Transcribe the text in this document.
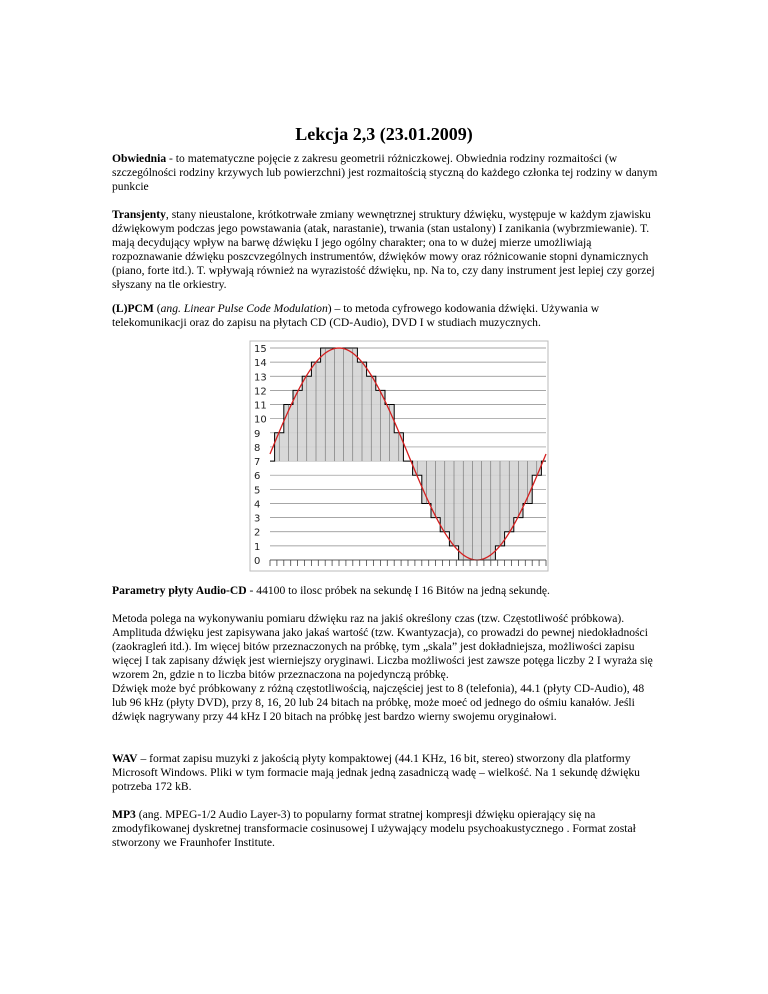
Lekcja 2,3 (23.01.2009)

Obwiednia - to matematyczne pojęcie z zakresu geometrii różniczkowej. Obwiednia rodziny rozmaitości (w szczególności rodziny krzywych lub powierzchni) jest rozmaitością styczną do każdego członka tej rodziny w danym punkcie

Transjenty, stany nieustalone, krótkotrwałe zmiany wewnętrznej struktury dźwięku, występuje w każdym zjawisku dźwiękowym podczas jego powstawania (atak, narastanie), trwania (stan ustalony) I zanikania (wybrzmiewanie). T. mają decydujący wpływ na barwę dźwięku I jego ogólny charakter; ona to w dużej mierze umożliwiają rozpoznawanie dźwięku poszcvzególnych instrumentów, dźwięków mowy oraz różnicowanie stopni dynamicznych (piano, forte itd.). T. wpływają również na wyrazistość dźwięku, np. Na to, czy dany instrument jest lepiej czy gorzej słyszany na tle orkiestry.

(L)PCM (ang. Linear Pulse Code Modulation) – to metoda cyfrowego kodowania dźwięki. Używania w telekomunikacji oraz do zapisu na płytach CD (CD-Audio), DVD I w studiach muzycznych.

0
1
2
3
4
5
6
7
8
9
10
11
12
13
14
15

Parametry płyty Audio-CD - 44100 to ilosc próbek na sekundę I 16 Bitów na jedną sekundę.

Metoda polega na wykonywaniu pomiaru dźwięku raz na jakiś określony czas (tzw. Częstotliwość próbkowa). Amplituda dźwięku jest zapisywana jako jakaś wartość (tzw. Kwantyzacja), co prowadzi do pewnej niedokładności (zaokragleń itd.). Im więcej bitów przeznaczonych na próbkę, tym „skala” jest dokładniejsza, możliwości zapisu więcej I tak zapisany dźwięk jest wierniejszy oryginawi. Liczba możliwości jest zawsze potęga liczby 2 I wyraża się wzorem 2n, gdzie n to liczba bitów przeznaczona na pojedynczą próbkę.

Dźwięk może być próbkowany z różną częstotliwością, najczęściej jest to 8 (telefonia), 44.1 (płyty CD-Audio), 48 lub 96 kHz (płyty DVD), przy 8, 16, 20 lub 24 bitach na próbkę, może moeć od jednego do ośmiu kanałów. Jeśli dźwięk nagrywany przy 44 kHz I 20 bitach na próbkę jest bardzo wierny swojemu oryginałowi.

WAV – format zapisu muzyki z jakością płyty kompaktowej (44.1 KHz, 16 bit, stereo) stworzony dla platformy Microsoft Windows. Pliki w tym formacie mają jednak jedną zasadniczą wadę – wielkość. Na 1 sekundę dźwięku potrzeba 172 kB.

MP3 (ang. MPEG-1/2 Audio Layer-3) to popularny format stratnej kompresji dźwięku opierający się na zmodyfikowanej dyskretnej transformacie cosinusowej I używający modelu psychoakustycznego . Format został stworzony we Fraunhofer Institute.
